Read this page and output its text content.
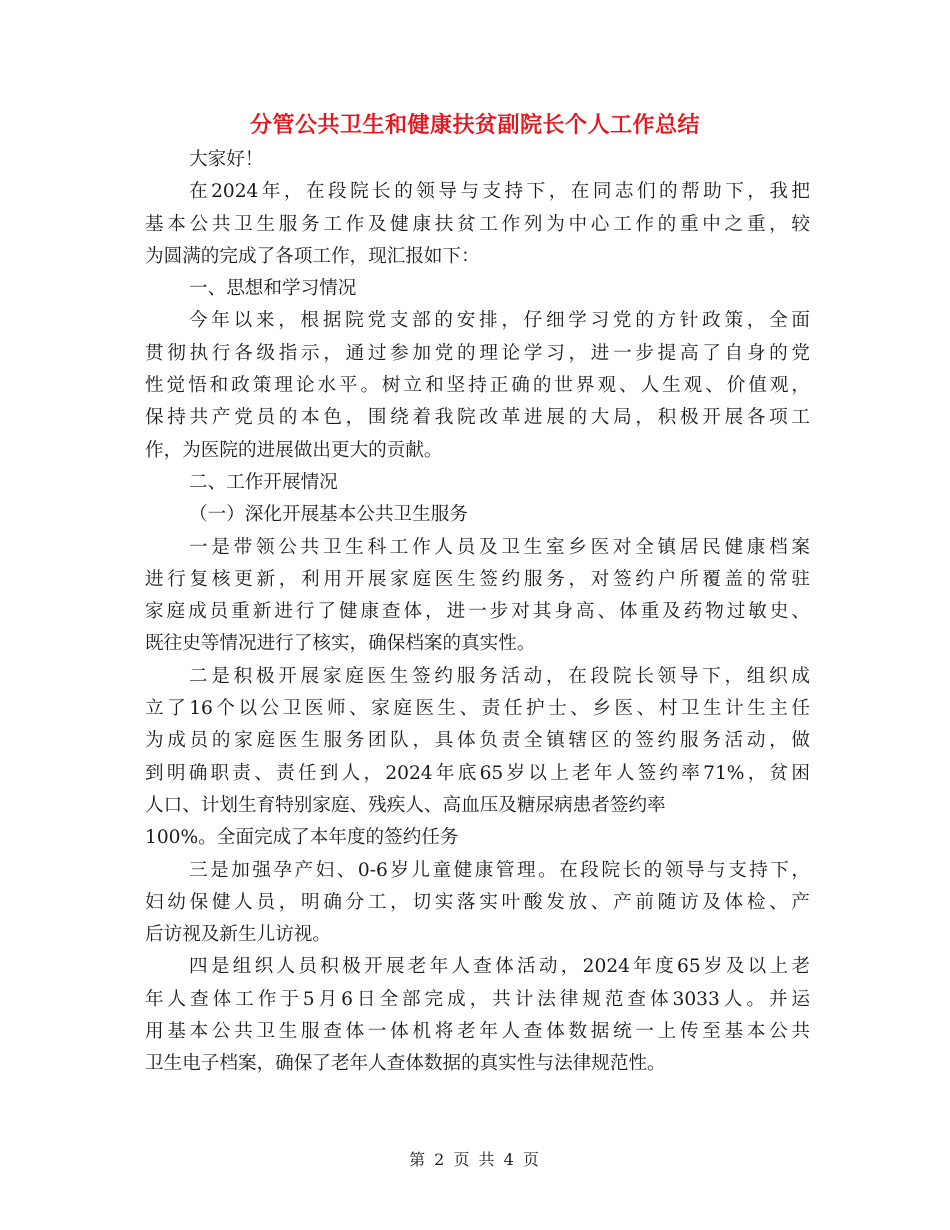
分管公共卫生和健康扶贫副院长个人工作总结
大家好！
在2024年，在段院长的领导与支持下，在同志们的帮助下，我把
基本公共卫生服务工作及健康扶贫工作列为中心工作的重中之重，较
为圆满的完成了各项工作，现汇报如下：
一、思想和学习情况
今年以来，根据院党支部的安排，仔细学习党的方针政策，全面
贯彻执行各级指示，通过参加党的理论学习，进一步提高了自身的党
性觉悟和政策理论水平。树立和坚持正确的世界观、人生观、价值观，
保持共产党员的本色，围绕着我院改革进展的大局，积极开展各项工
作，为医院的进展做出更大的贡献。
二、工作开展情况
（一）深化开展基本公共卫生服务
一是带领公共卫生科工作人员及卫生室乡医对全镇居民健康档案
进行复核更新，利用开展家庭医生签约服务，对签约户所覆盖的常驻
家庭成员重新进行了健康查体，进一步对其身高、体重及药物过敏史、
既往史等情况进行了核实，确保档案的真实性。
二是积极开展家庭医生签约服务活动，在段院长领导下，组织成
立了16个以公卫医师、家庭医生、责任护士、乡医、村卫生计生主任
为成员的家庭医生服务团队，具体负责全镇辖区的签约服务活动，做
到明确职责、责任到人，2024年底65岁以上老年人签约率71%，贫困
人口、计划生育特别家庭、残疾人、高血压及糖尿病患者签约率
100%。全面完成了本年度的签约任务
三是加强孕产妇、0-6岁儿童健康管理。在段院长的领导与支持下，
妇幼保健人员，明确分工，切实落实叶酸发放、产前随访及体检、产
后访视及新生儿访视。
四是组织人员积极开展老年人查体活动，2024年度65岁及以上老
年人查体工作于5月6日全部完成，共计法律规范查体3033人。并运
用基本公共卫生服查体一体机将老年人查体数据统一上传至基本公共
卫生电子档案，确保了老年人查体数据的真实性与法律规范性。
第 2 页 共 4 页
